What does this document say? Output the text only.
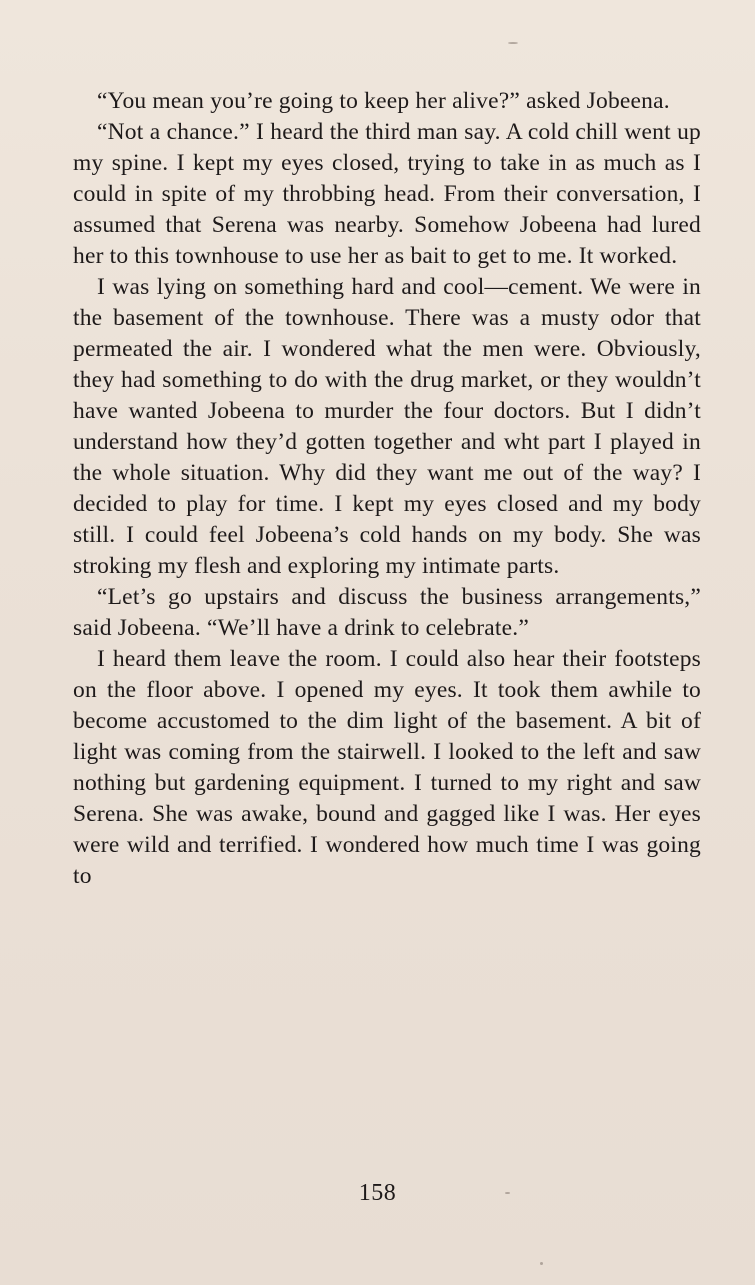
“You mean you’re going to keep her alive?” asked Jobeena.

“Not a chance.” I heard the third man say. A cold chill went up my spine. I kept my eyes closed, trying to take in as much as I could in spite of my throbbing head. From their conversation, I assumed that Serena was nearby. Somehow Jobeena had lured her to this townhouse to use her as bait to get to me. It worked.

I was lying on something hard and cool—cement. We were in the basement of the townhouse. There was a musty odor that permeated the air. I wondered what the men were. Obviously, they had something to do with the drug market, or they wouldn’t have wanted Jobeena to murder the four doctors. But I didn’t understand how they’d gotten together and wht part I played in the whole situation. Why did they want me out of the way? I decided to play for time. I kept my eyes closed and my body still. I could feel Jobeena’s cold hands on my body. She was stroking my flesh and exploring my intimate parts.

“Let’s go upstairs and discuss the business arrangements,” said Jobeena. “We’ll have a drink to celebrate.”

I heard them leave the room. I could also hear their footsteps on the floor above. I opened my eyes. It took them awhile to become accustomed to the dim light of the basement. A bit of light was coming from the stairwell. I looked to the left and saw nothing but gardening equipment. I turned to my right and saw Serena. She was awake, bound and gagged like I was. Her eyes were wild and terrified. I wondered how much time I was going to

158
